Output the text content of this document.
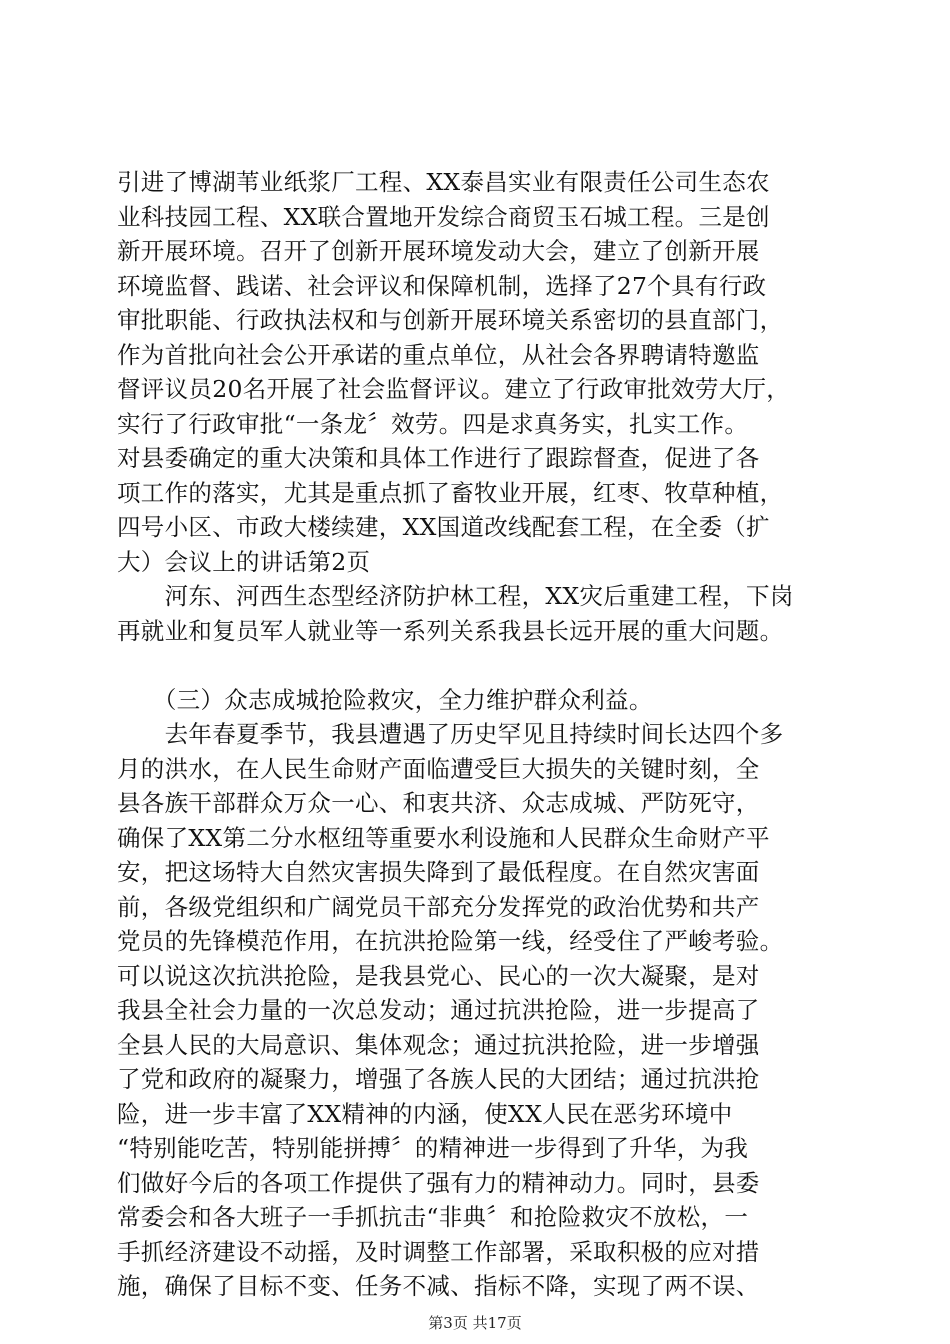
引进了博湖苇业纸浆厂工程、XX泰昌实业有限责任公司生态农
业科技园工程、XX联合置地开发综合商贸玉石城工程。三是创
新开展环境。召开了创新开展环境发动大会，建立了创新开展
环境监督、践诺、社会评议和保障机制，选择了27个具有行政
审批职能、行政执法权和与创新开展环境关系密切的县直部门，
作为首批向社会公开承诺的重点单位，从社会各界聘请特邀监
督评议员20名开展了社会监督评议。建立了行政审批效劳大厅，
实行了行政审批“一条龙〞效劳。四是求真务实，扎实工作。
对县委确定的重大决策和具体工作进行了跟踪督查，促进了各
项工作的落实，尤其是重点抓了畜牧业开展，红枣、牧草种植，
四号小区、市政大楼续建，XX国道改线配套工程，在全委（扩
大）会议上的讲话第2页
　　河东、河西生态型经济防护林工程，XX灾后重建工程，下岗
再就业和复员军人就业等一系列关系我县长远开展的重大问题。
　　（三）众志成城抢险救灾，全力维护群众利益。
　　去年春夏季节，我县遭遇了历史罕见且持续时间长达四个多
月的洪水，在人民生命财产面临遭受巨大损失的关键时刻，全
县各族干部群众万众一心、和衷共济、众志成城、严防死守，
确保了XX第二分水枢纽等重要水利设施和人民群众生命财产平
安，把这场特大自然灾害损失降到了最低程度。在自然灾害面
前，各级党组织和广阔党员干部充分发挥党的政治优势和共产
党员的先锋模范作用，在抗洪抢险第一线，经受住了严峻考验。
可以说这次抗洪抢险，是我县党心、民心的一次大凝聚，是对
我县全社会力量的一次总发动；通过抗洪抢险，进一步提高了
全县人民的大局意识、集体观念；通过抗洪抢险，进一步增强
了党和政府的凝聚力，增强了各族人民的大团结；通过抗洪抢
险，进一步丰富了XX精神的内涵，使XX人民在恶劣环境中
“特别能吃苦，特别能拼搏〞的精神进一步得到了升华，为我
们做好今后的各项工作提供了强有力的精神动力。同时，县委
常委会和各大班子一手抓抗击“非典〞和抢险救灾不放松，一
手抓经济建设不动摇，及时调整工作部署，采取积极的应对措
第3页 共17页
施，确保了目标不变、任务不减、指标不降，实现了两不误、
